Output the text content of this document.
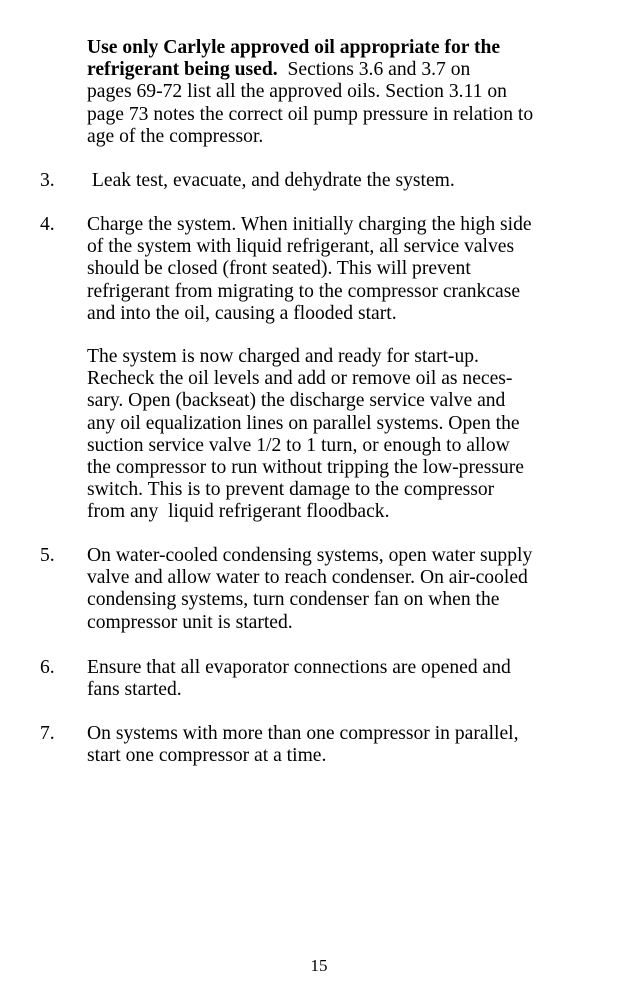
Use only Carlyle approved oil appropriate for the
refrigerant being used.  Sections 3.6 and 3.7 on
pages 69-72 list all the approved oils. Section 3.11 on
page 73 notes the correct oil pump pressure in relation to
age of the compressor.
3. Leak test, evacuate, and dehydrate the system.
4. Charge the system. When initially charging the high side
of the system with liquid refrigerant, all service valves
should be closed (front seated). This will prevent
refrigerant from migrating to the compressor crankcase
and into the oil, causing a flooded start.
The system is now charged and ready for start-up.
Recheck the oil levels and add or remove oil as neces-
sary. Open (backseat) the discharge service valve and
any oil equalization lines on parallel systems. Open the
suction service valve 1/2 to 1 turn, or enough to allow
the compressor to run without tripping the low-pressure
switch. This is to prevent damage to the compressor
from any  liquid refrigerant floodback.
5. On water-cooled condensing systems, open water supply
valve and allow water to reach condenser. On air-cooled
condensing systems, turn condenser fan on when the
compressor unit is started.
6. Ensure that all evaporator connections are opened and
fans started.
7. On systems with more than one compressor in parallel,
start one compressor at a time.
15
